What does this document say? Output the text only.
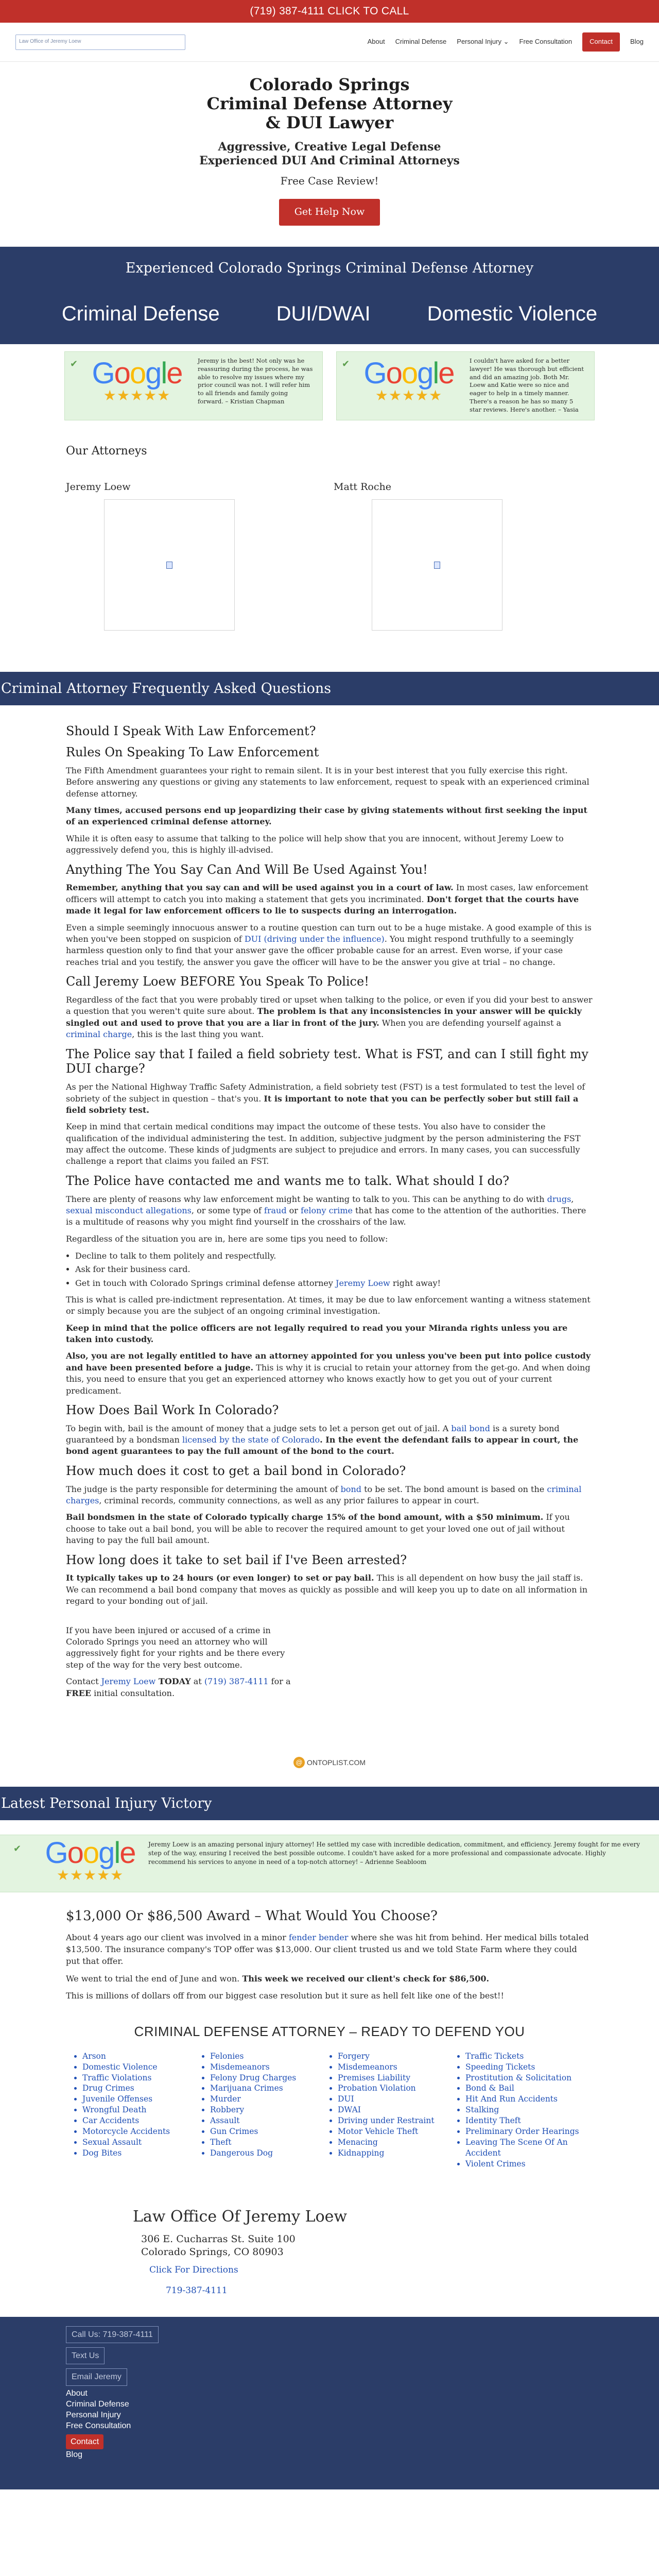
(719) 387-4111 CLICK TO CALL
Law Office of Jeremy Loew	About Criminal Defense Personal Injury ⌄ Free Consultation	Contact	Blog
Colorado Springs
Criminal Defense Attorney
& DUI Lawyer
Aggressive, Creative Legal Defense
Experienced DUI And Criminal Attorneys
Free Case Review!
Get Help Now
Experienced Colorado Springs Criminal Defense Attorney
Criminal Defense	DUI/DWAI	Domestic Violence
✔ Google
★★★★★
Jeremy is the best! Not only was he reassuring during the process, he was able to resolve my issues where my prior council was not. I will refer him to all friends and family going forward. – Kristian Chapman
✔ Google
★★★★★
I couldn't have asked for a better lawyer! He was thorough but efficient and did an amazing job. Both Mr. Loew and Katie were so nice and eager to help in a timely manner. There's a reason he has so many 5 star reviews. Here's another. – Yasia
Our Attorneys
Jeremy Loew	Matt Roche
Criminal Attorney Frequently Asked Questions
Should I Speak With Law Enforcement?
Rules On Speaking To Law Enforcement

The Fifth Amendment guarantees your right to remain silent. It is in your best interest that you fully exercise this right. Before answering any questions or giving any statements to law enforcement, request to speak with an experienced criminal defense attorney.

Many times, accused persons end up jeopardizing their case by giving statements without first seeking the input of an experienced criminal defense attorney.

While it is often easy to assume that talking to the police will help show that you are innocent, without Jeremy Loew to aggressively defend you, this is highly ill-advised.

Anything The You Say Can And Will Be Used Against You!

Remember, anything that you say can and will be used against you in a court of law. In most cases, law enforcement officers will attempt to catch you into making a statement that gets you incriminated. Don't forget that the courts have made it legal for law enforcement officers to lie to suspects during an interrogation.

Even a simple seemingly innocuous answer to a routine question can turn out to be a huge mistake. A good example of this is when you've been stopped on suspicion of DUI (driving under the influence). You might respond truthfully to a seemingly harmless question only to find that your answer gave the officer probable cause for an arrest. Even worse, if your case reaches trial and you testify, the answer you gave the officer will have to be the answer you give at trial – no change.

Call Jeremy Loew BEFORE You Speak To Police!

Regardless of the fact that you were probably tired or upset when talking to the police, or even if you did your best to answer a question that you weren't quite sure about. The problem is that any inconsistencies in your answer will be quickly singled out and used to prove that you are a liar in front of the jury. When you are defending yourself against a criminal charge, this is the last thing you want.

The Police say that I failed a field sobriety test. What is FST, and can I still fight my DUI charge?

As per the National Highway Traffic Safety Administration, a field sobriety test (FST) is a test formulated to test the level of sobriety of the subject in question – that's you. It is important to note that you can be perfectly sober but still fail a field sobriety test.

Keep in mind that certain medical conditions may impact the outcome of these tests. You also have to consider the qualification of the individual administering the test. In addition, subjective judgment by the person administering the FST may affect the outcome. These kinds of judgments are subject to prejudice and errors. In many cases, you can successfully challenge a report that claims you failed an FST.

The Police have contacted me and wants me to talk. What should I do?

There are plenty of reasons why law enforcement might be wanting to talk to you. This can be anything to do with drugs, sexual misconduct allegations, or some type of fraud or felony crime that has come to the attention of the authorities. There is a multitude of reasons why you might find yourself in the crosshairs of the law.

Regardless of the situation you are in, here are some tips you need to follow:

• Decline to talk to them politely and respectfully.
• Ask for their business card.
• Get in touch with Colorado Springs criminal defense attorney Jeremy Loew right away!

This is what is called pre-indictment representation. At times, it may be due to law enforcement wanting a witness statement or simply because you are the subject of an ongoing criminal investigation.

Keep in mind that the police officers are not legally required to read you your Miranda rights unless you are taken into custody.

Also, you are not legally entitled to have an attorney appointed for you unless you've been put into police custody and have been presented before a judge. This is why it is crucial to retain your attorney from the get-go. And when doing this, you need to ensure that you get an experienced attorney who knows exactly how to get you out of your current predicament.

How Does Bail Work In Colorado?

To begin with, bail is the amount of money that a judge sets to let a person get out of jail. A bail bond is a surety bond guaranteed by a bondsman licensed by the state of Colorado. In the event the defendant fails to appear in court, the bond agent guarantees to pay the full amount of the bond to the court.

How much does it cost to get a bail bond in Colorado?

The judge is the party responsible for determining the amount of bond to be set. The bond amount is based on the criminal charges, criminal records, community connections, as well as any prior failures to appear in court.

Bail bondsmen in the state of Colorado typically charge 15% of the bond amount, with a $50 minimum. If you choose to take out a bail bond, you will be able to recover the required amount to get your loved one out of jail without having to pay the full bail amount.

How long does it take to set bail if I've Been arrested?

It typically takes up to 24 hours (or even longer) to set or pay bail. This is all dependent on how busy the jail staff is. We can recommend a bail bond company that moves as quickly as possible and will keep you up to date on all information in regard to your bonding out of jail.

If you have been injured or accused of a crime in Colorado Springs you need an attorney who will aggressively fight for your rights and be there every step of the way for the very best outcome.

Contact Jeremy Loew TODAY at (719) 387-4111 for a FREE initial consultation.

@ ONTOPLIST.COM
Latest Personal Injury Victory
✔ Google
★★★★★
Jeremy Loew is an amazing personal injury attorney! He settled my case with incredible dedication, commitment, and efficiency. Jeremy fought for me every step of the way, ensuring I received the best possible outcome. I couldn't have asked for a more professional and compassionate advocate. Highly recommend his services to anyone in need of a top-notch attorney! – Adrienne Seabloom
$13,000 Or $86,500 Award – What Would You Choose?

About 4 years ago our client was involved in a minor fender bender where she was hit from behind. Her medical bills totaled $13,500. The insurance company's TOP offer was $13,000. Our client trusted us and we told State Farm where they could put that offer.

We went to trial the end of June and won. This week we received our client's check for $86,500.

This is millions of dollars off from our biggest case resolution but it sure as hell felt like one of the best!!

CRIMINAL DEFENSE ATTORNEY – READY TO DEFEND YOU
• Arson
• Domestic Violence
• Traffic Violations
• Drug Crimes
• Juvenile Offenses
• Wrongful Death
• Car Accidents
• Motorcycle Accidents
• Sexual Assault
• Dog Bites
• Felonies
• Misdemeanors
• Felony Drug Charges
• Marijuana Crimes
• Murder
• Robbery
• Assault
• Gun Crimes
• Theft
• Dangerous Dog
• Forgery
• Misdemeanors
• Premises Liability
• Probation Violation
• DUI
• DWAI
• Driving under Restraint
• Motor Vehicle Theft
• Menacing
• Kidnapping
• Traffic Tickets
• Speeding Tickets
• Prostitution & Solicitation
• Bond & Bail
• Hit And Run Accidents
• Stalking
• Identity Theft
• Preliminary Order Hearings
• Leaving The Scene Of An Accident
• Violent Crimes
Law Office Of Jeremy Loew
306 E. Cucharras St. Suite 100
Colorado Springs, CO 80903
Click For Directions
719-387-4111
Call Us: 719-387-4111
Text Us
Email Jeremy
About
Criminal Defense
Personal Injury
Free Consultation
Contact
Blog
